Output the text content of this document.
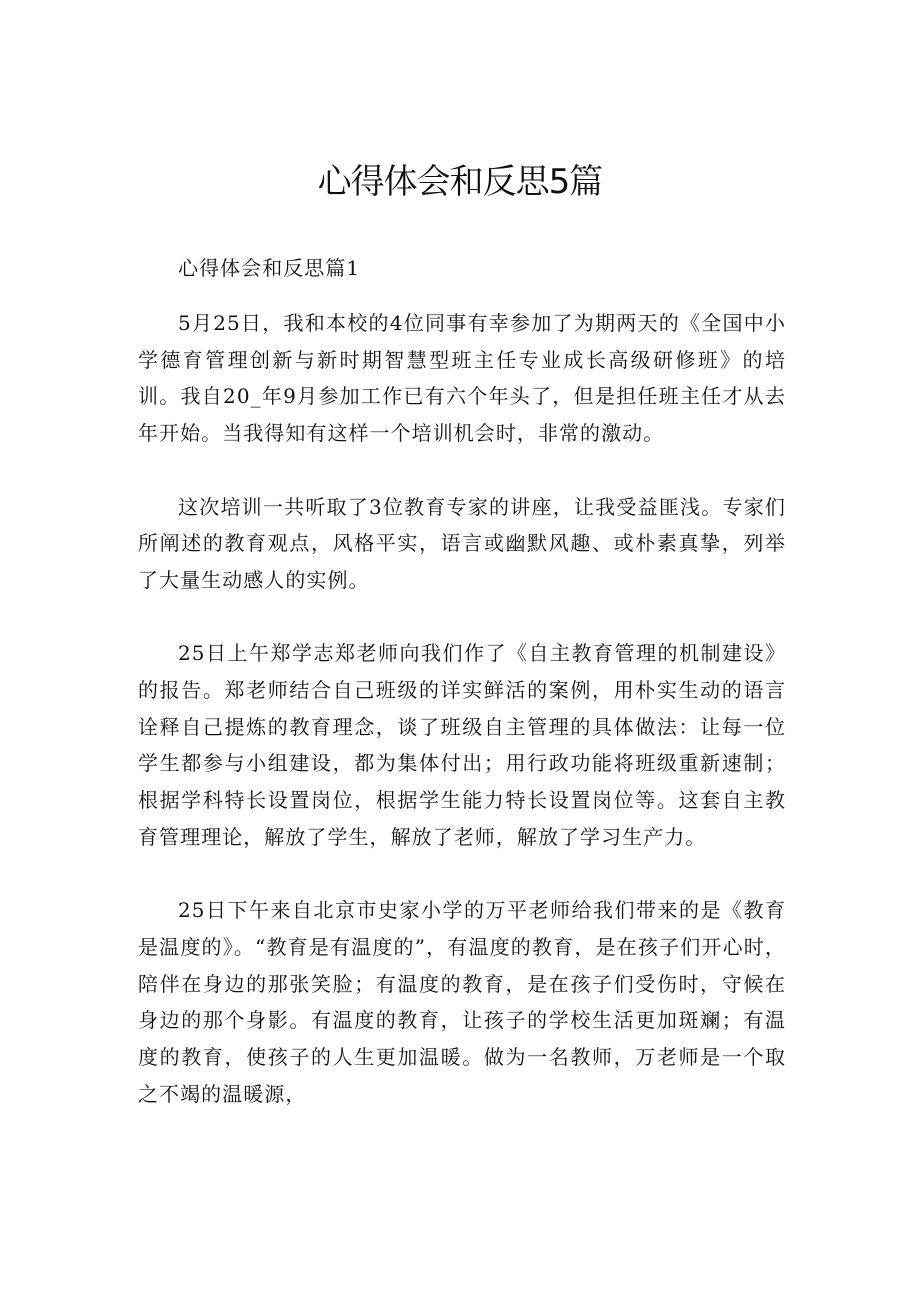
心得体会和反思5篇
心得体会和反思篇1

5月25日，我和本校的4位同事有幸参加了为期两天的《全国中小学德育管理创新与新时期智慧型班主任专业成长高级研修班》的培训。我自20_年9月参加工作已有六个年头了，但是担任班主任才从去年开始。当我得知有这样一个培训机会时，非常的激动。

这次培训一共听取了3位教育专家的讲座，让我受益匪浅。专家们所阐述的教育观点，风格平实，语言或幽默风趣、或朴素真挚，列举了大量生动感人的实例。

25日上午郑学志郑老师向我们作了《自主教育管理的机制建设》的报告。郑老师结合自己班级的详实鲜活的案例，用朴实生动的语言诠释自己提炼的教育理念，谈了班级自主管理的具体做法：让每一位学生都参与小组建设，都为集体付出；用行政功能将班级重新速制；根据学科特长设置岗位，根据学生能力特长设置岗位等。这套自主教育管理理论，解放了学生，解放了老师，解放了学习生产力。

25日下午来自北京市史家小学的万平老师给我们带来的是《教育是温度的》。“教育是有温度的”，有温度的教育，是在孩子们开心时，陪伴在身边的那张笑脸；有温度的教育，是在孩子们受伤时，守候在身边的那个身影。有温度的教育，让孩子的学校生活更加斑斓；有温度的教育，使孩子的人生更加温暖。做为一名教师，万老师是一个取之不竭的温暖源，
